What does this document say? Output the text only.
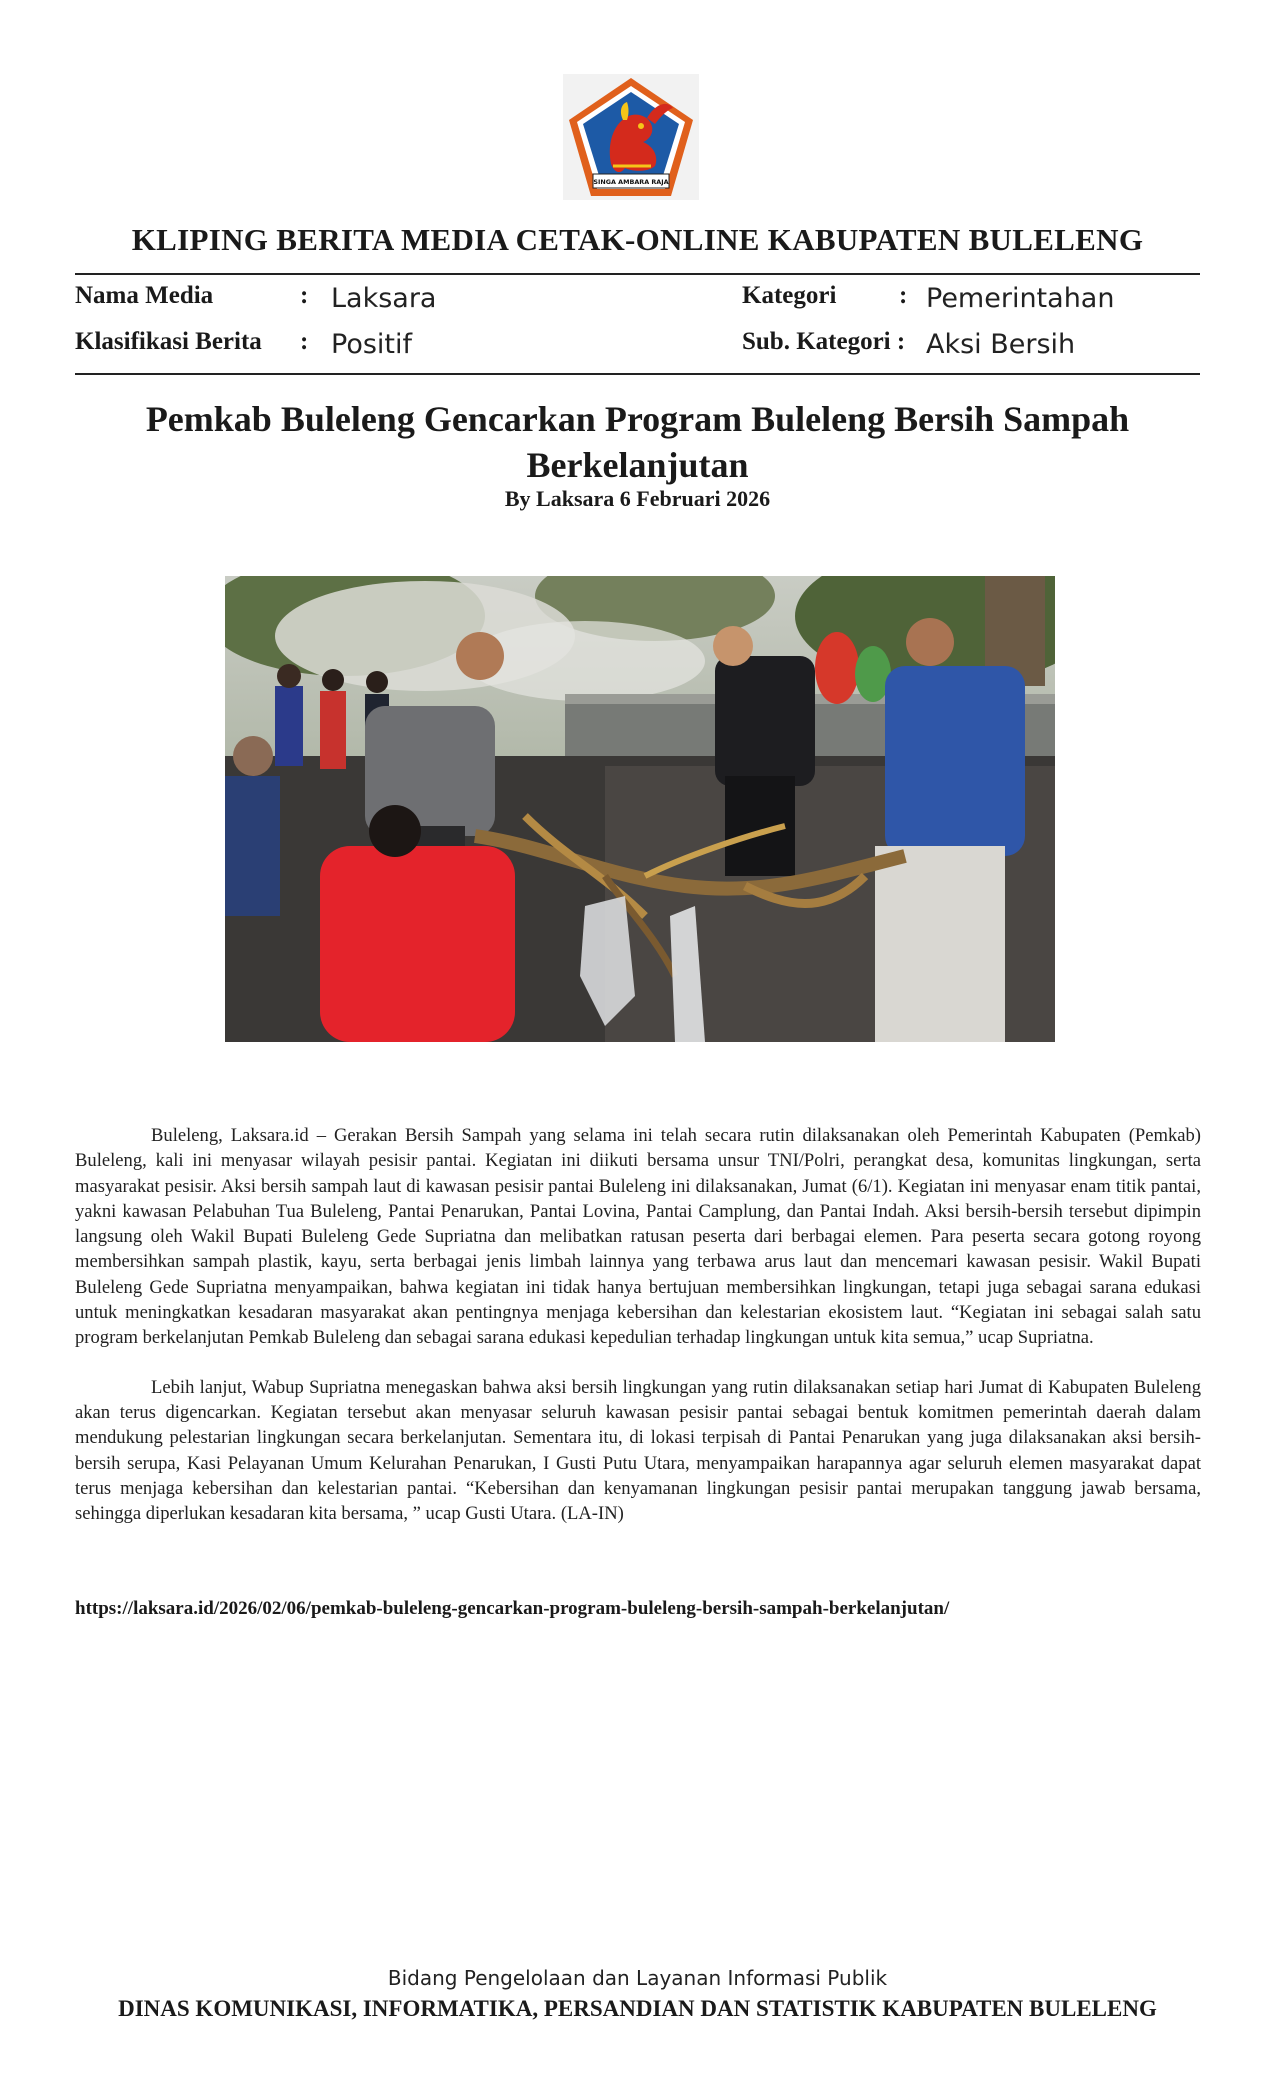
SINGA AMBARA RAJA
KLIPING BERITA MEDIA CETAK-ONLINE KABUPATEN BULELENG
Nama Media	: Laksara
Klasifikasi Berita : Positif
Kategori	: Pemerintahan
Sub. Kategori : Aksi Bersih
Pemkab Buleleng Gencarkan Program Buleleng Bersih Sampah
Berkelanjutan
By Laksara 6 Februari 2026

Buleleng, Laksara.id – Gerakan Bersih Sampah yang selama ini telah secara rutin dilaksanakan oleh Pemerintah Kabupaten (Pemkab) Buleleng, kali ini menyasar wilayah pesisir pantai. Kegiatan ini diikuti bersama unsur TNI/Polri, perangkat desa, komunitas lingkungan, serta masyarakat pesisir. Aksi bersih sampah laut di kawasan pesisir pantai Buleleng ini dilaksanakan, Jumat (6/1). Kegiatan ini menyasar enam titik pantai, yakni kawasan Pelabuhan Tua Buleleng, Pantai Penarukan, Pantai Lovina, Pantai Camplung, dan Pantai Indah. Aksi bersih-bersih tersebut dipimpin langsung oleh Wakil Bupati Buleleng Gede Supriatna dan melibatkan ratusan peserta dari berbagai elemen. Para peserta secara gotong royong membersihkan sampah plastik, kayu, serta berbagai jenis limbah lainnya yang terbawa arus laut dan mencemari kawasan pesisir. Wakil Bupati Buleleng Gede Supriatna menyampaikan, bahwa kegiatan ini tidak hanya bertujuan membersihkan lingkungan, tetapi juga sebagai sarana edukasi untuk meningkatkan kesadaran masyarakat akan pentingnya menjaga kebersihan dan kelestarian ekosistem laut. “Kegiatan ini sebagai salah satu program berkelanjutan Pemkab Buleleng dan sebagai sarana edukasi kepedulian terhadap lingkungan untuk kita semua,” ucap Supriatna.

Lebih lanjut, Wabup Supriatna menegaskan bahwa aksi bersih lingkungan yang rutin dilaksanakan setiap hari Jumat di Kabupaten Buleleng akan terus digencarkan. Kegiatan tersebut akan menyasar seluruh kawasan pesisir pantai sebagai bentuk komitmen pemerintah daerah dalam mendukung pelestarian lingkungan secara berkelanjutan. Sementara itu, di lokasi terpisah di Pantai Penarukan yang juga dilaksanakan aksi bersih-bersih serupa, Kasi Pelayanan Umum Kelurahan Penarukan, I Gusti Putu Utara, menyampaikan harapannya agar seluruh elemen masyarakat dapat terus menjaga kebersihan dan kelestarian pantai. “Kebersihan dan kenyamanan lingkungan pesisir pantai merupakan tanggung jawab bersama, sehingga diperlukan kesadaran kita bersama, ” ucap Gusti Utara. (LA-IN)

https://laksara.id/2026/02/06/pemkab-buleleng-gencarkan-program-buleleng-bersih-sampah-berkelanjutan/
Bidang Pengelolaan dan Layanan Informasi Publik
DINAS KOMUNIKASI, INFORMATIKA, PERSANDIAN DAN STATISTIK KABUPATEN BULELENG
